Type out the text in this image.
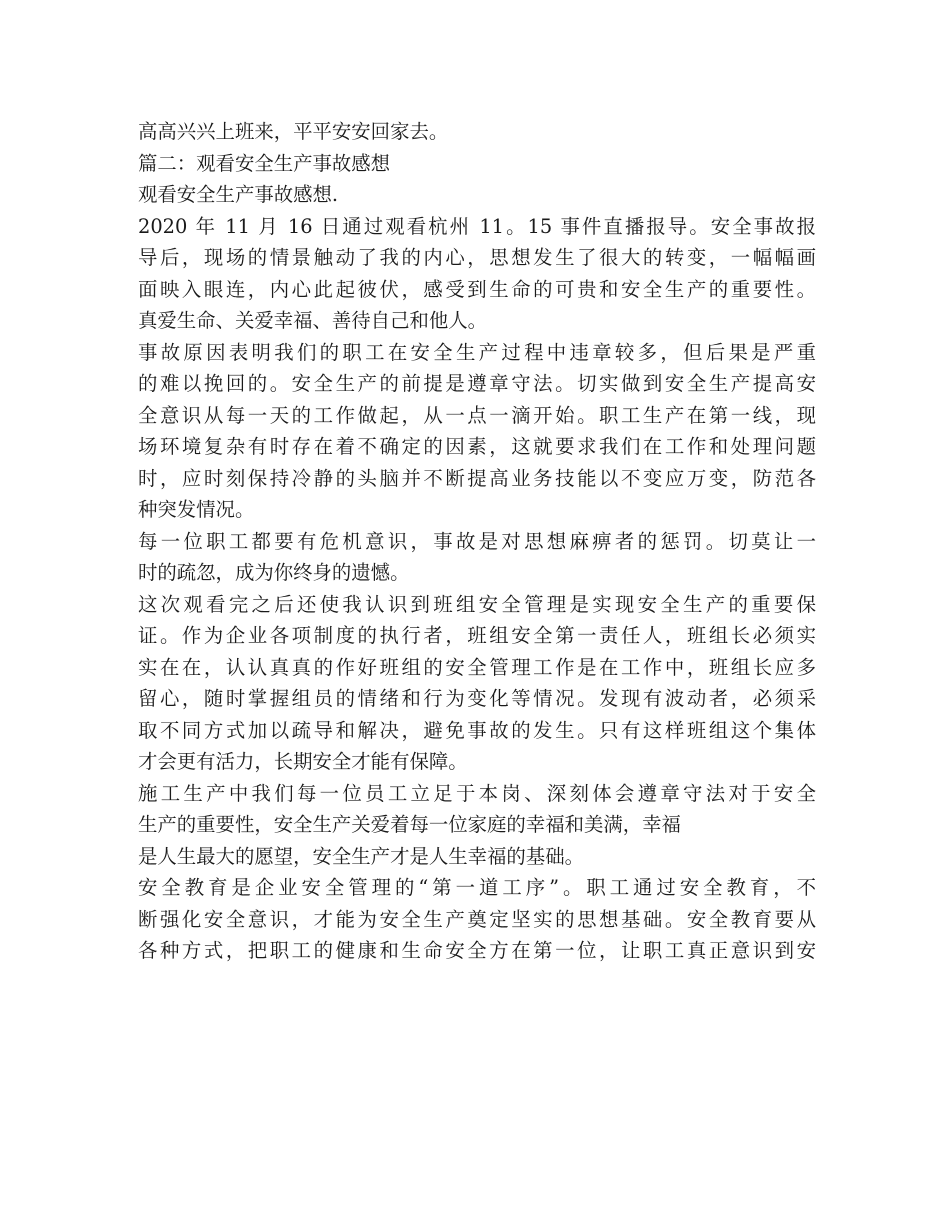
高高兴兴上班来，平平安安回家去。
篇二：观看安全生产事故感想
观看安全生产事故感想.
2020 年 11 月 16 日通过观看杭州 11。15 事件直播报导。安全事故报
导后，现场的情景触动了我的内心，思想发生了很大的转变，一幅幅画
面映入眼连，内心此起彼伏，感受到生命的可贵和安全生产的重要性。
真爱生命、关爱幸福、善待自己和他人。
事故原因表明我们的职工在安全生产过程中违章较多，但后果是严重
的难以挽回的。安全生产的前提是遵章守法。切实做到安全生产提高安
全意识从每一天的工作做起，从一点一滴开始。职工生产在第一线，现
场环境复杂有时存在着不确定的因素，这就要求我们在工作和处理问题
时，应时刻保持冷静的头脑并不断提高业务技能以不变应万变，防范各
种突发情况。
每一位职工都要有危机意识，事故是对思想麻痹者的惩罚。切莫让一
时的疏忽，成为你终身的遗憾。
这次观看完之后还使我认识到班组安全管理是实现安全生产的重要保
证。作为企业各项制度的执行者，班组安全第一责任人，班组长必须实
实在在，认认真真的作好班组的安全管理工作是在工作中，班组长应多
留心，随时掌握组员的情绪和行为变化等情况。发现有波动者，必须采
取不同方式加以疏导和解决，避免事故的发生。只有这样班组这个集体
才会更有活力，长期安全才能有保障。
施工生产中我们每一位员工立足于本岗、深刻体会遵章守法对于安全
生产的重要性，安全生产关爱着每一位家庭的幸福和美满，幸福
是人生最大的愿望，安全生产才是人生幸福的基础。
安全教育是企业安全管理的“第一道工序”。职工通过安全教育，不
断强化安全意识，才能为安全生产奠定坚实的思想基础。安全教育要从
各种方式，把职工的健康和生命安全方在第一位，让职工真正意识到安
